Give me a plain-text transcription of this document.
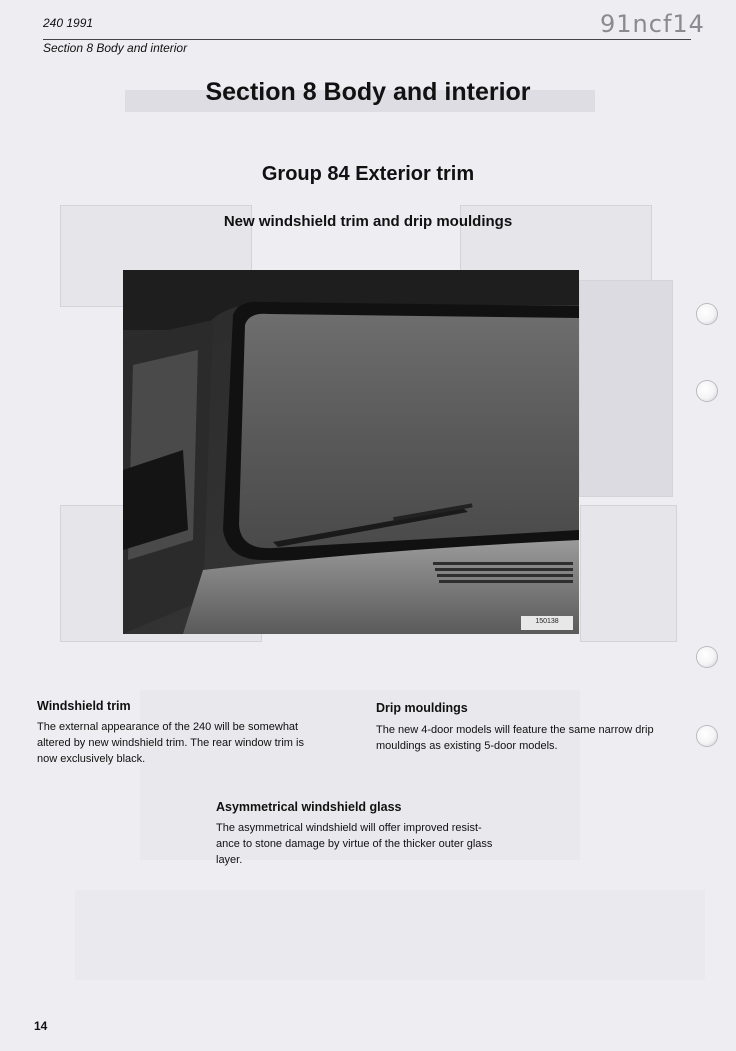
240 1991
Section 8 Body and interior
91ncf14
Section 8 Body and interior
Group 84 Exterior trim
New windshield trim and drip mouldings
150138
Windshield trim
The external appearance of the 240 will be somewhat
altered by new windshield trim. The rear window trim is
now exclusively black.
Drip mouldings
The new 4-door models will feature the same narrow drip
mouldings as existing 5-door models.
Asymmetrical windshield glass
The asymmetrical windshield will offer improved resist-
ance to stone damage by virtue of the thicker outer glass
layer.
14
